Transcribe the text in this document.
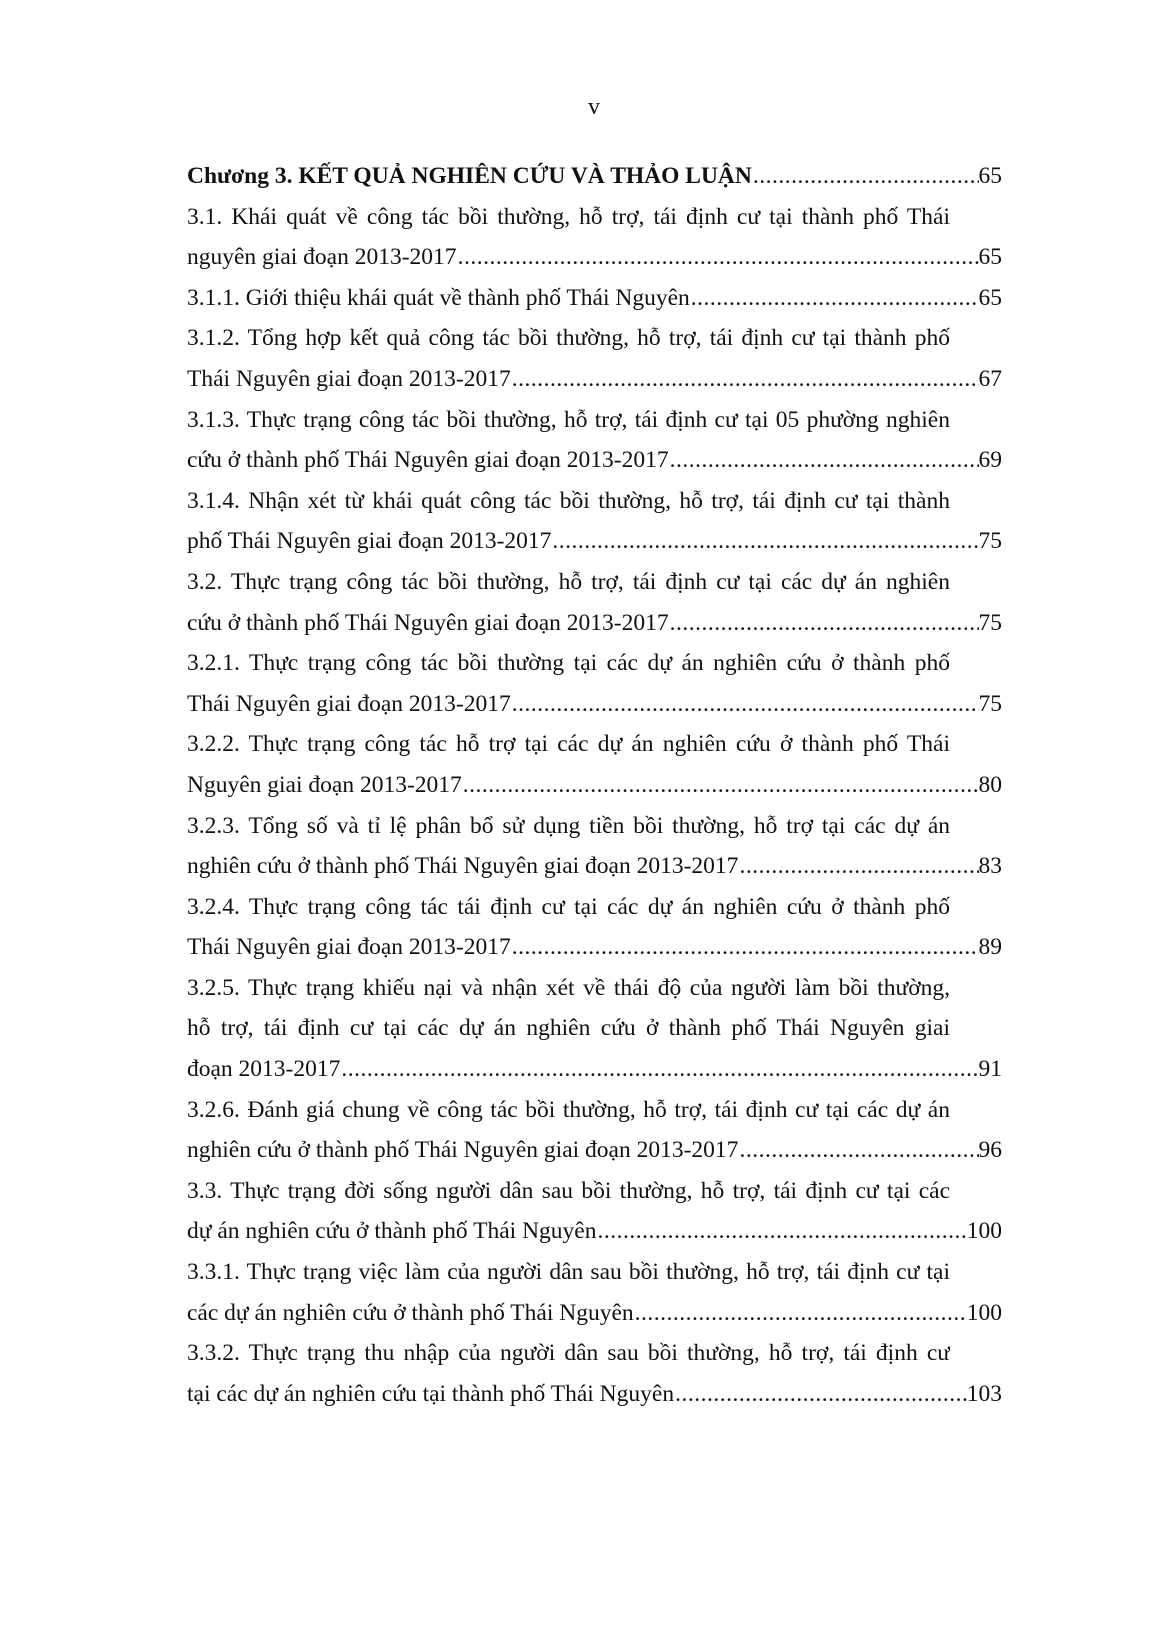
v
Chương 3. KẾT QUẢ NGHIÊN CỨU VÀ THẢO LUẬN .....	65
3.1. Khái quát về công tác bồi thường, hỗ trợ, tái định cư tại thành phố Thái
nguyên giai đoạn 2013-2017 .....	65
3.1.1. Giới thiệu khái quát về thành phố Thái Nguyên .....	65
3.1.2. Tổng hợp kết quả công tác bồi thường, hỗ trợ, tái định cư tại thành phố
Thái Nguyên giai đoạn 2013-2017 .....	67
3.1.3. Thực trạng công tác bồi thường, hỗ trợ, tái định cư tại 05 phường nghiên
cứu ở thành phố Thái Nguyên giai đoạn 2013-2017 .....	69
3.1.4. Nhận xét từ khái quát công tác bồi thường, hỗ trợ, tái định cư tại thành
phố Thái Nguyên giai đoạn 2013-2017 .....	75
3.2. Thực trạng công tác bồi thường, hỗ trợ, tái định cư tại các dự án nghiên
cứu ở thành phố Thái Nguyên giai đoạn 2013-2017 .....	75
3.2.1. Thực trạng công tác bồi thường tại các dự án nghiên cứu ở thành phố
Thái Nguyên giai đoạn 2013-2017 .....	75
3.2.2. Thực trạng công tác hỗ trợ tại các dự án nghiên cứu ở thành phố Thái
Nguyên giai đoạn 2013-2017 .....	80
3.2.3. Tổng số và tỉ lệ phân bổ sử dụng tiền bồi thường, hỗ trợ tại các dự án
nghiên cứu ở thành phố Thái Nguyên giai đoạn 2013-2017 .....	83
3.2.4. Thực trạng công tác tái định cư tại các dự án nghiên cứu ở thành phố
Thái Nguyên giai đoạn 2013-2017 .....	89
3.2.5. Thực trạng khiếu nại và nhận xét về thái độ của người làm bồi thường,
hỗ trợ, tái định cư tại các dự án nghiên cứu ở thành phố Thái Nguyên giai
đoạn 2013-2017 .....	91
3.2.6. Đánh giá chung về công tác bồi thường, hỗ trợ, tái định cư tại các dự án
nghiên cứu ở thành phố Thái Nguyên giai đoạn 2013-2017 .....	96
3.3. Thực trạng đời sống người dân sau bồi thường, hỗ trợ, tái định cư tại các
dự án nghiên cứu ở thành phố Thái Nguyên .....	100
3.3.1. Thực trạng việc làm của người dân sau bồi thường, hỗ trợ, tái định cư tại
các dự án nghiên cứu ở thành phố Thái Nguyên .....	100
3.3.2. Thực trạng thu nhập của người dân sau bồi thường, hỗ trợ, tái định cư
tại các dự án nghiên cứu tại thành phố Thái Nguyên .....	103
